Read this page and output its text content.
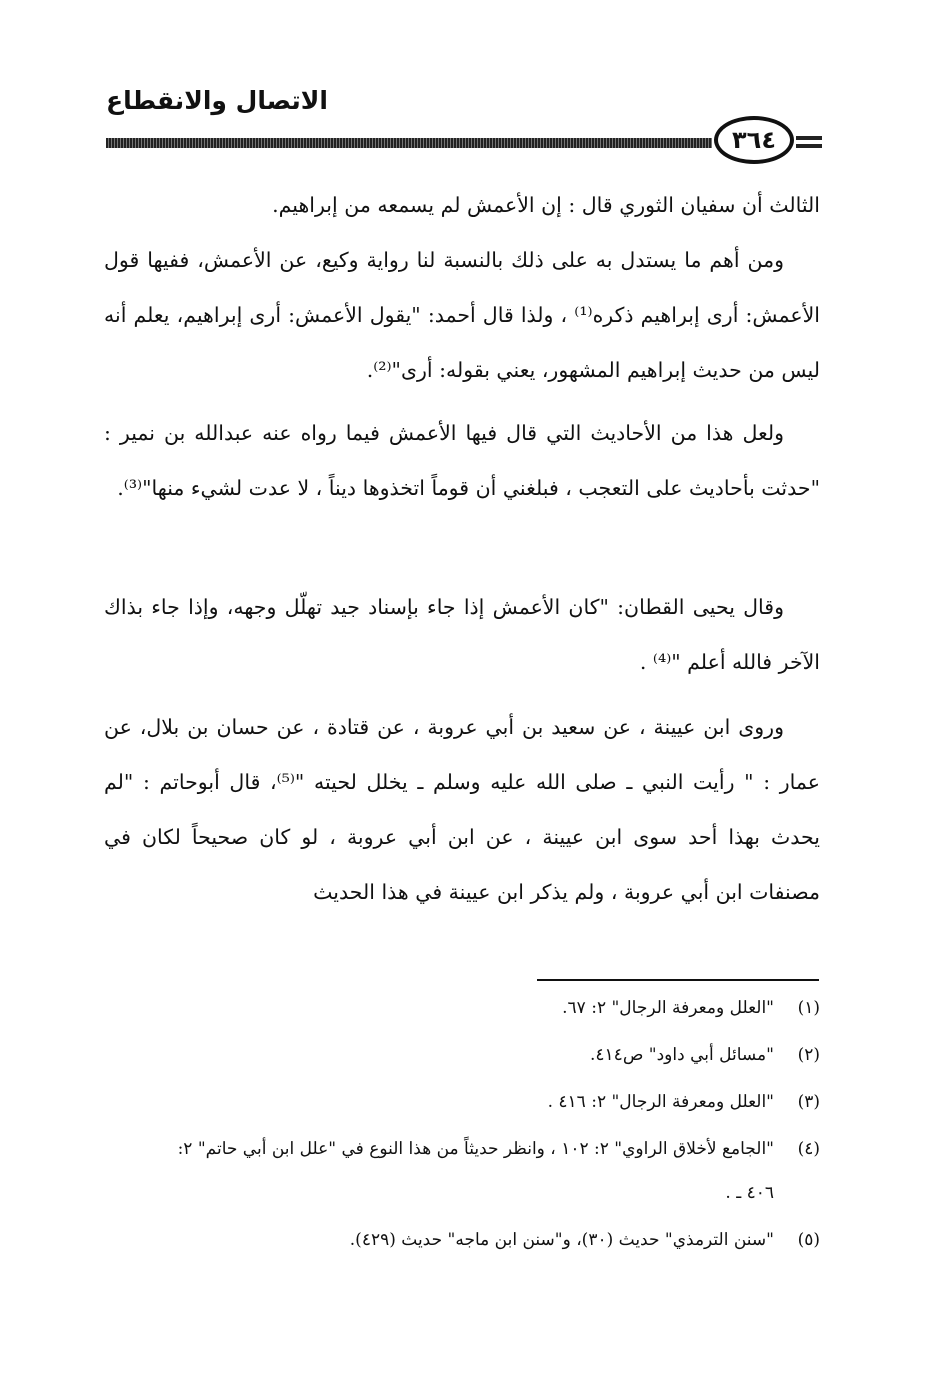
الاتصال والانقطاع
٣٦٤

الثالث أن سفيان الثوري قال : إن الأعمش لم يسمعه من إبراهيم.

ومن أهم ما يستدل به على ذلك بالنسبة لنا رواية وكيع، عن الأعمش، ففيها قول الأعمش: أرى إبراهيم ذكره⁽¹⁾ ، ولذا قال أحمد: "يقول الأعمش: أرى إبراهيم، يعلم أنه ليس من حديث إبراهيم المشهور، يعني بقوله: أرى"⁽²⁾.

ولعل هذا من الأحاديث التي قال فيها الأعمش فيما رواه عنه عبدالله بن نمير : "حدثت بأحاديث على التعجب ، فبلغني أن قوماً اتخذوها ديناً ، لا عدت لشيء منها"⁽³⁾.

وقال يحيى القطان: "كان الأعمش إذا جاء بإسناد جيد تهلّل وجهه، وإذا جاء بذاك الآخر فالله أعلم "⁽⁴⁾ .

وروى ابن عيينة ، عن سعيد بن أبي عروبة ، عن قتادة ، عن حسان بن بلال، عن عمار : " رأيت النبي ـ صلى الله عليه وسلم ـ يخلل لحيته "⁽⁵⁾، قال أبوحاتم : "لم يحدث بهذا أحد سوى ابن عيينة ، عن ابن أبي عروبة ، لو كان صحيحاً لكان في مصنفات ابن أبي عروبة ، ولم يذكر ابن عيينة في هذا الحديث

(١)
"العلل ومعرفة الرجال" ٢: ٦٧.
(٢)
"مسائل أبي داود" ص٤١٤.
(٣)
"العلل ومعرفة الرجال" ٢: ٤١٦ .
(٤)
"الجامع لأخلاق الراوي" ٢: ١٠٢ ، وانظر حديثاً من هذا النوع في "علل ابن أبي حاتم" ٢:
٤٠٦ ـ .
(٥)
"سنن الترمذي" حديث (٣٠)، و"سنن ابن ماجه" حديث (٤٢٩).
